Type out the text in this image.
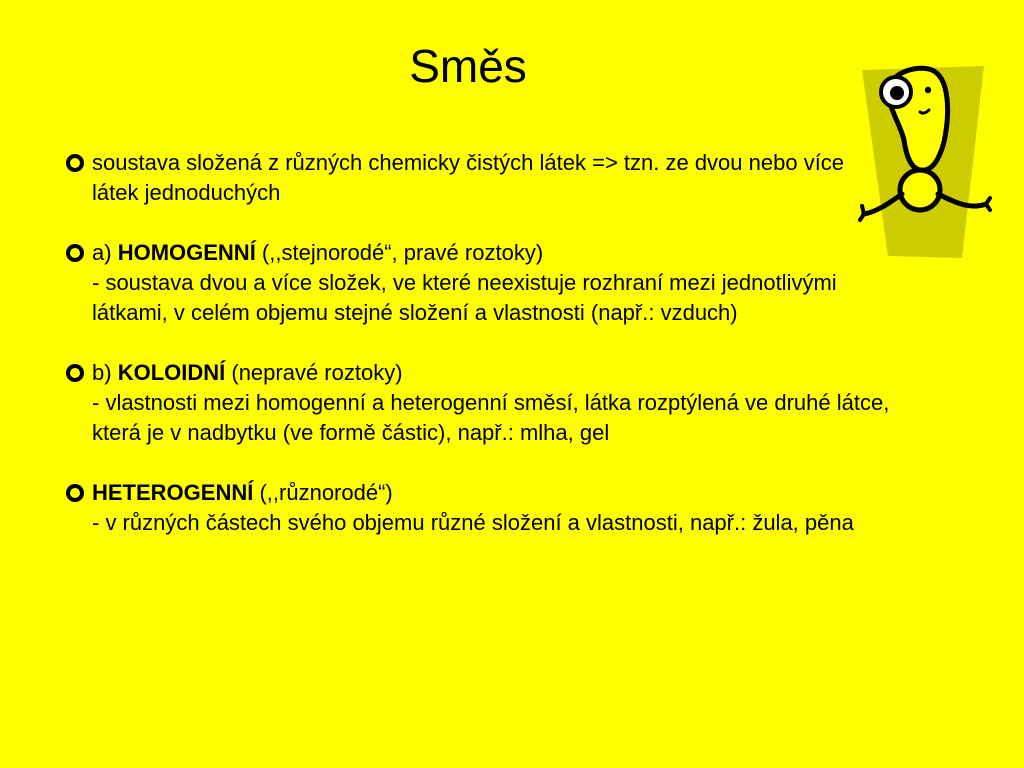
Směs
soustava složená z různých chemicky čistých látek => tzn. ze dvou nebo více látek jednoduchých
a) HOMOGENNÍ (,,stejnorodé“, pravé roztoky)
- soustava dvou a více složek, ve které neexistuje rozhraní mezi jednotlivými látkami, v celém objemu stejné složení a vlastnosti (např.: vzduch)
b) KOLOIDNÍ (nepravé roztoky)
- vlastnosti mezi homogenní a heterogenní směsí, látka rozptýlená ve druhé látce, která je v nadbytku (ve formě částic), např.: mlha, gel
HETEROGENNÍ (,,různorodé“)
- v různých částech svého objemu různé složení a vlastnosti, např.: žula, pěna
